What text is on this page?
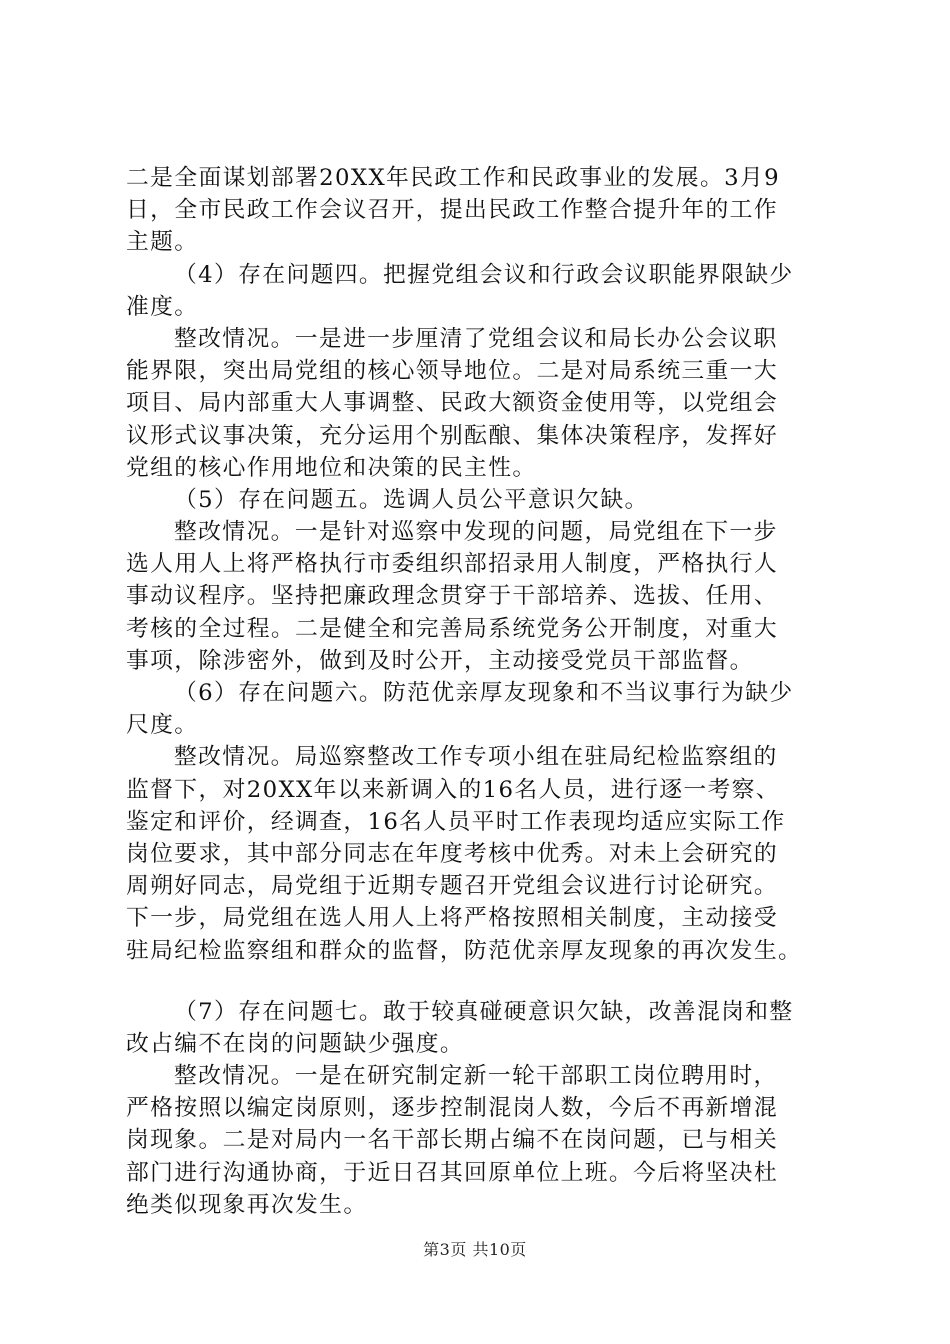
二是全面谋划部署20XX年民政工作和民政事业的发展。3月9
日，全市民政工作会议召开，提出民政工作整合提升年的工作
主题。
（4）存在问题四。把握党组会议和行政会议职能界限缺少
准度。
整改情况。一是进一步厘清了党组会议和局长办公会议职
能界限，突出局党组的核心领导地位。二是对局系统三重一大
项目、局内部重大人事调整、民政大额资金使用等，以党组会
议形式议事决策，充分运用个别酝酿、集体决策程序，发挥好
党组的核心作用地位和决策的民主性。
（5）存在问题五。选调人员公平意识欠缺。
整改情况。一是针对巡察中发现的问题，局党组在下一步
选人用人上将严格执行市委组织部招录用人制度，严格执行人
事动议程序。坚持把廉政理念贯穿于干部培养、选拔、任用、
考核的全过程。二是健全和完善局系统党务公开制度，对重大
事项，除涉密外，做到及时公开，主动接受党员干部监督。
（6）存在问题六。防范优亲厚友现象和不当议事行为缺少
尺度。
整改情况。局巡察整改工作专项小组在驻局纪检监察组的
监督下，对20XX年以来新调入的16名人员，进行逐一考察、
鉴定和评价，经调查，16名人员平时工作表现均适应实际工作
岗位要求，其中部分同志在年度考核中优秀。对未上会研究的
周朔好同志，局党组于近期专题召开党组会议进行讨论研究。
下一步，局党组在选人用人上将严格按照相关制度，主动接受
驻局纪检监察组和群众的监督，防范优亲厚友现象的再次发生。
（7）存在问题七。敢于较真碰硬意识欠缺，改善混岗和整
改占编不在岗的问题缺少强度。
整改情况。一是在研究制定新一轮干部职工岗位聘用时，
严格按照以编定岗原则，逐步控制混岗人数，今后不再新增混
岗现象。二是对局内一名干部长期占编不在岗问题，已与相关
部门进行沟通协商，于近日召其回原单位上班。今后将坚决杜
绝类似现象再次发生。
第3页 共10页
